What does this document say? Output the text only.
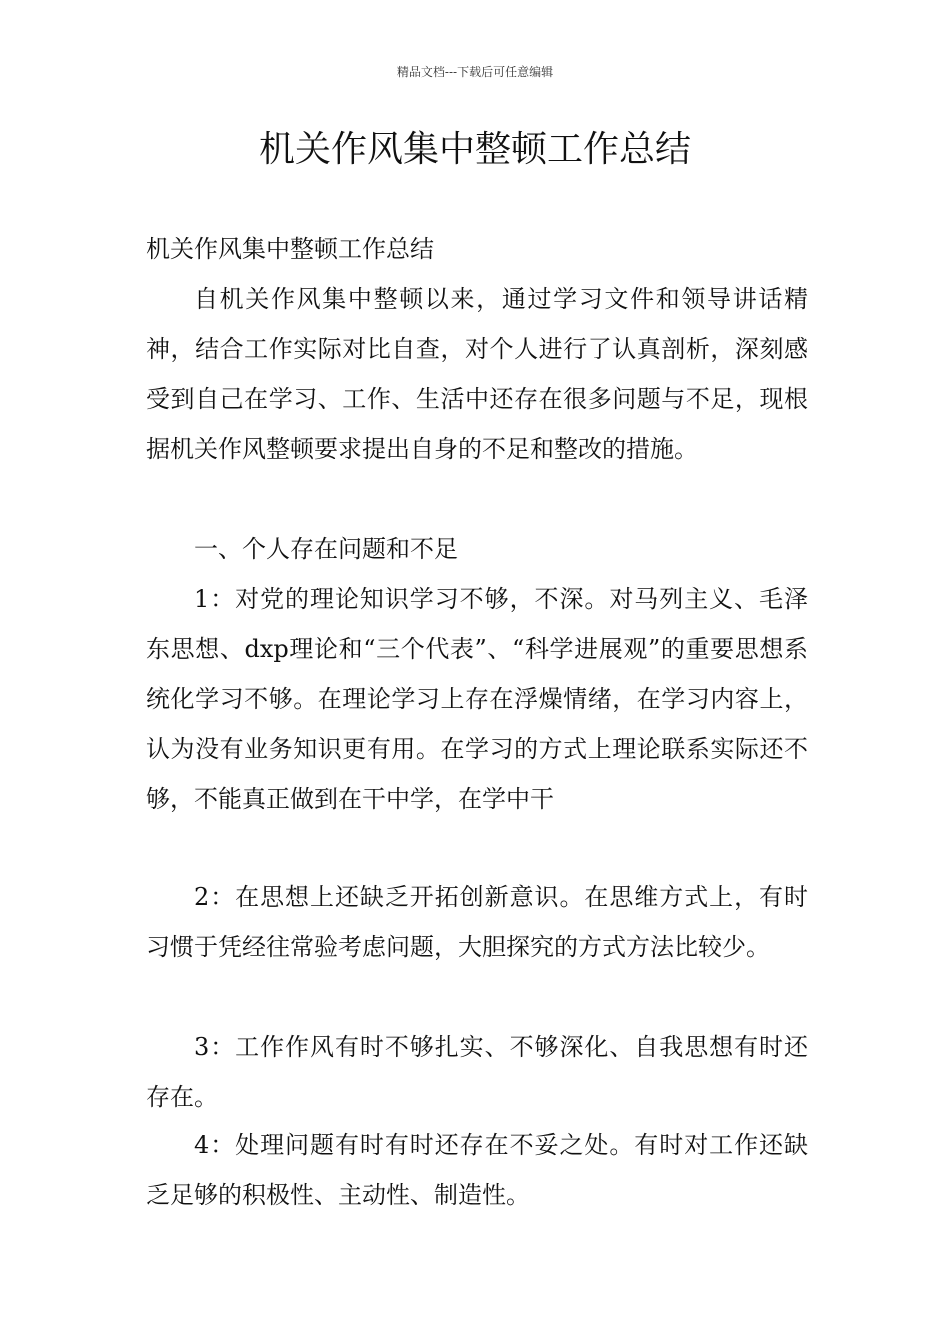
精品文档---下载后可任意编辑
机关作风集中整顿工作总结

机关作风集中整顿工作总结

自机关作风集中整顿以来，通过学习文件和领导讲话精神，结合工作实际对比自查，对个人进行了认真剖析，深刻感受到自己在学习、工作、生活中还存在很多问题与不足，现根据机关作风整顿要求提出自身的不足和整改的措施。

一、个人存在问题和不足

1：对党的理论知识学习不够，不深。对马列主义、毛泽东思想、dxp理论和“三个代表”、“科学进展观”的重要思想系统化学习不够。在理论学习上存在浮燥情绪，在学习内容上，认为没有业务知识更有用。在学习的方式上理论联系实际还不够，不能真正做到在干中学，在学中干

2：在思想上还缺乏开拓创新意识。在思维方式上，有时习惯于凭经往常验考虑问题，大胆探究的方式方法比较少。

3：工作作风有时不够扎实、不够深化、自我思想有时还存在。

4：处理问题有时有时还存在不妥之处。有时对工作还缺乏足够的积极性、主动性、制造性。
